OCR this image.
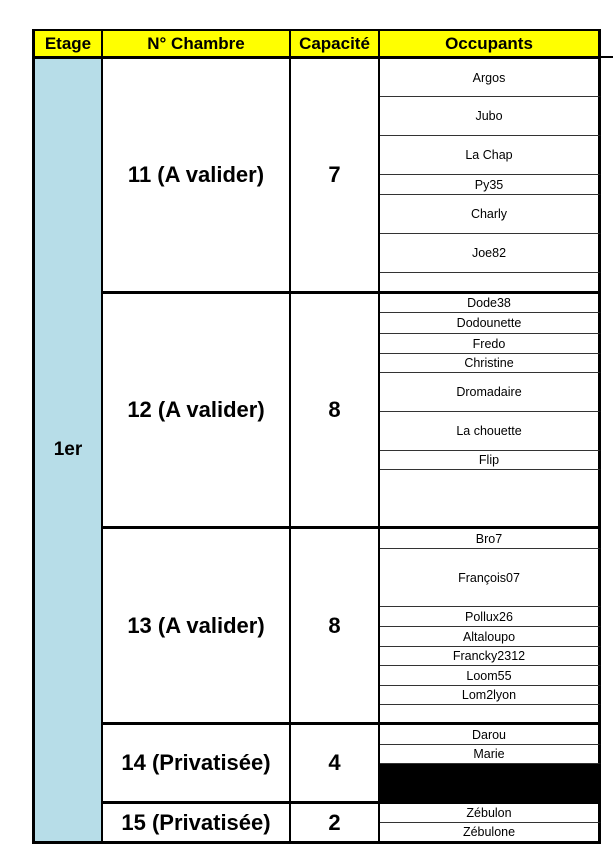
Etage	N° Chambre	Capacité	Occupants
1er
11 (A valider)	7
Argos
Jubo
La Chap
Py35
Charly
Joe82
12 (A valider)	8
Dode38
Dodounette
Fredo
Christine
Dromadaire
La chouette
Flip
13 (A valider)	8
Bro7
François07
Pollux26
Altaloupo
Francky2312
Loom55
Lom2lyon
14 (Privatisée)	4
Darou
Marie
15 (Privatisée)	2	Zébulon
Zébulone
